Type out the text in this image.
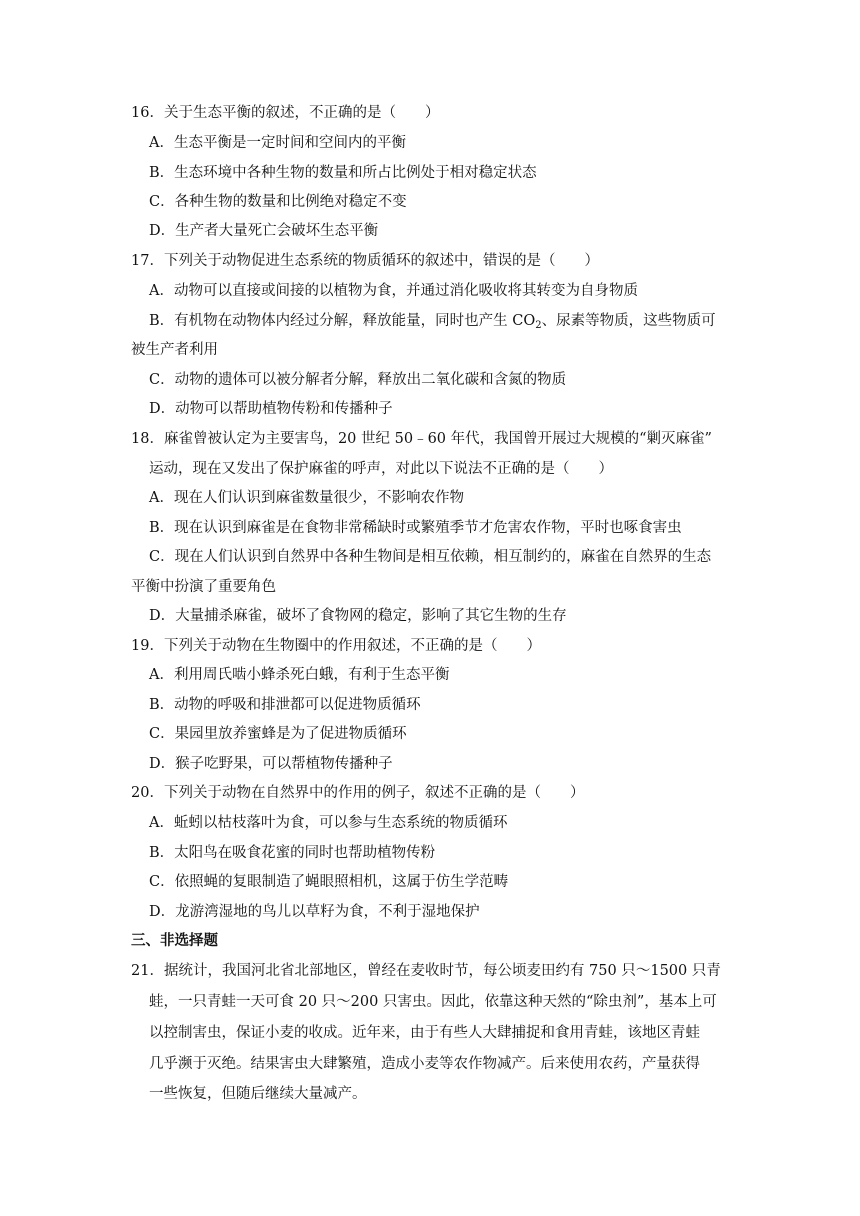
16．关于生态平衡的叙述，不正确的是（　　）
A．生态平衡是一定时间和空间内的平衡
B．生态环境中各种生物的数量和所占比例处于相对稳定状态
C．各种生物的数量和比例绝对稳定不变
D．生产者大量死亡会破坏生态平衡
17．下列关于动物促进生态系统的物质循环的叙述中，错误的是（　　）
A．动物可以直接或间接的以植物为食，并通过消化吸收将其转变为自身物质
B．有机物在动物体内经过分解，释放能量，同时也产生 $CO_2$、尿素等物质，这些物质可
被生产者利用
C．动物的遗体可以被分解者分解，释放出二氧化碳和含氮的物质
D．动物可以帮助植物传粉和传播种子
18．麻雀曾被认定为主要害鸟，20 世纪 50﹣60 年代，我国曾开展过大规模的“剿灭麻雀”
运动，现在又发出了保护麻雀的呼声，对此以下说法不正确的是（　　）
A．现在人们认识到麻雀数量很少，不影响农作物
B．现在认识到麻雀是在食物非常稀缺时或繁殖季节才危害农作物，平时也啄食害虫
C．现在人们认识到自然界中各种生物间是相互依赖，相互制约的，麻雀在自然界的生态
平衡中扮演了重要角色
D．大量捕杀麻雀，破坏了食物网的稳定，影响了其它生物的生存
19．下列关于动物在生物圈中的作用叙述，不正确的是（　　）
A．利用周氏啮小蜂杀死白蛾，有利于生态平衡
B．动物的呼吸和排泄都可以促进物质循环
C．果园里放养蜜蜂是为了促进物质循环
D．猴子吃野果，可以帮植物传播种子
20．下列关于动物在自然界中的作用的例子，叙述不正确的是（　　）
A．蚯蚓以枯枝落叶为食，可以参与生态系统的物质循环
B．太阳鸟在吸食花蜜的同时也帮助植物传粉
C．依照蝇的复眼制造了蝇眼照相机，这属于仿生学范畴
D．龙游湾湿地的鸟儿以草籽为食，不利于湿地保护
三、非选择题
21．据统计，我国河北省北部地区，曾经在麦收时节，每公顷麦田约有 750 只～1500 只青
蛙，一只青蛙一天可食 20 只～200 只害虫。因此，依靠这种天然的“除虫剂”，基本上可
以控制害虫，保证小麦的收成。近年来，由于有些人大肆捕捉和食用青蛙，该地区青蛙
几乎濒于灭绝。结果害虫大肆繁殖，造成小麦等农作物减产。后来使用农药，产量获得
一些恢复，但随后继续大量减产。
